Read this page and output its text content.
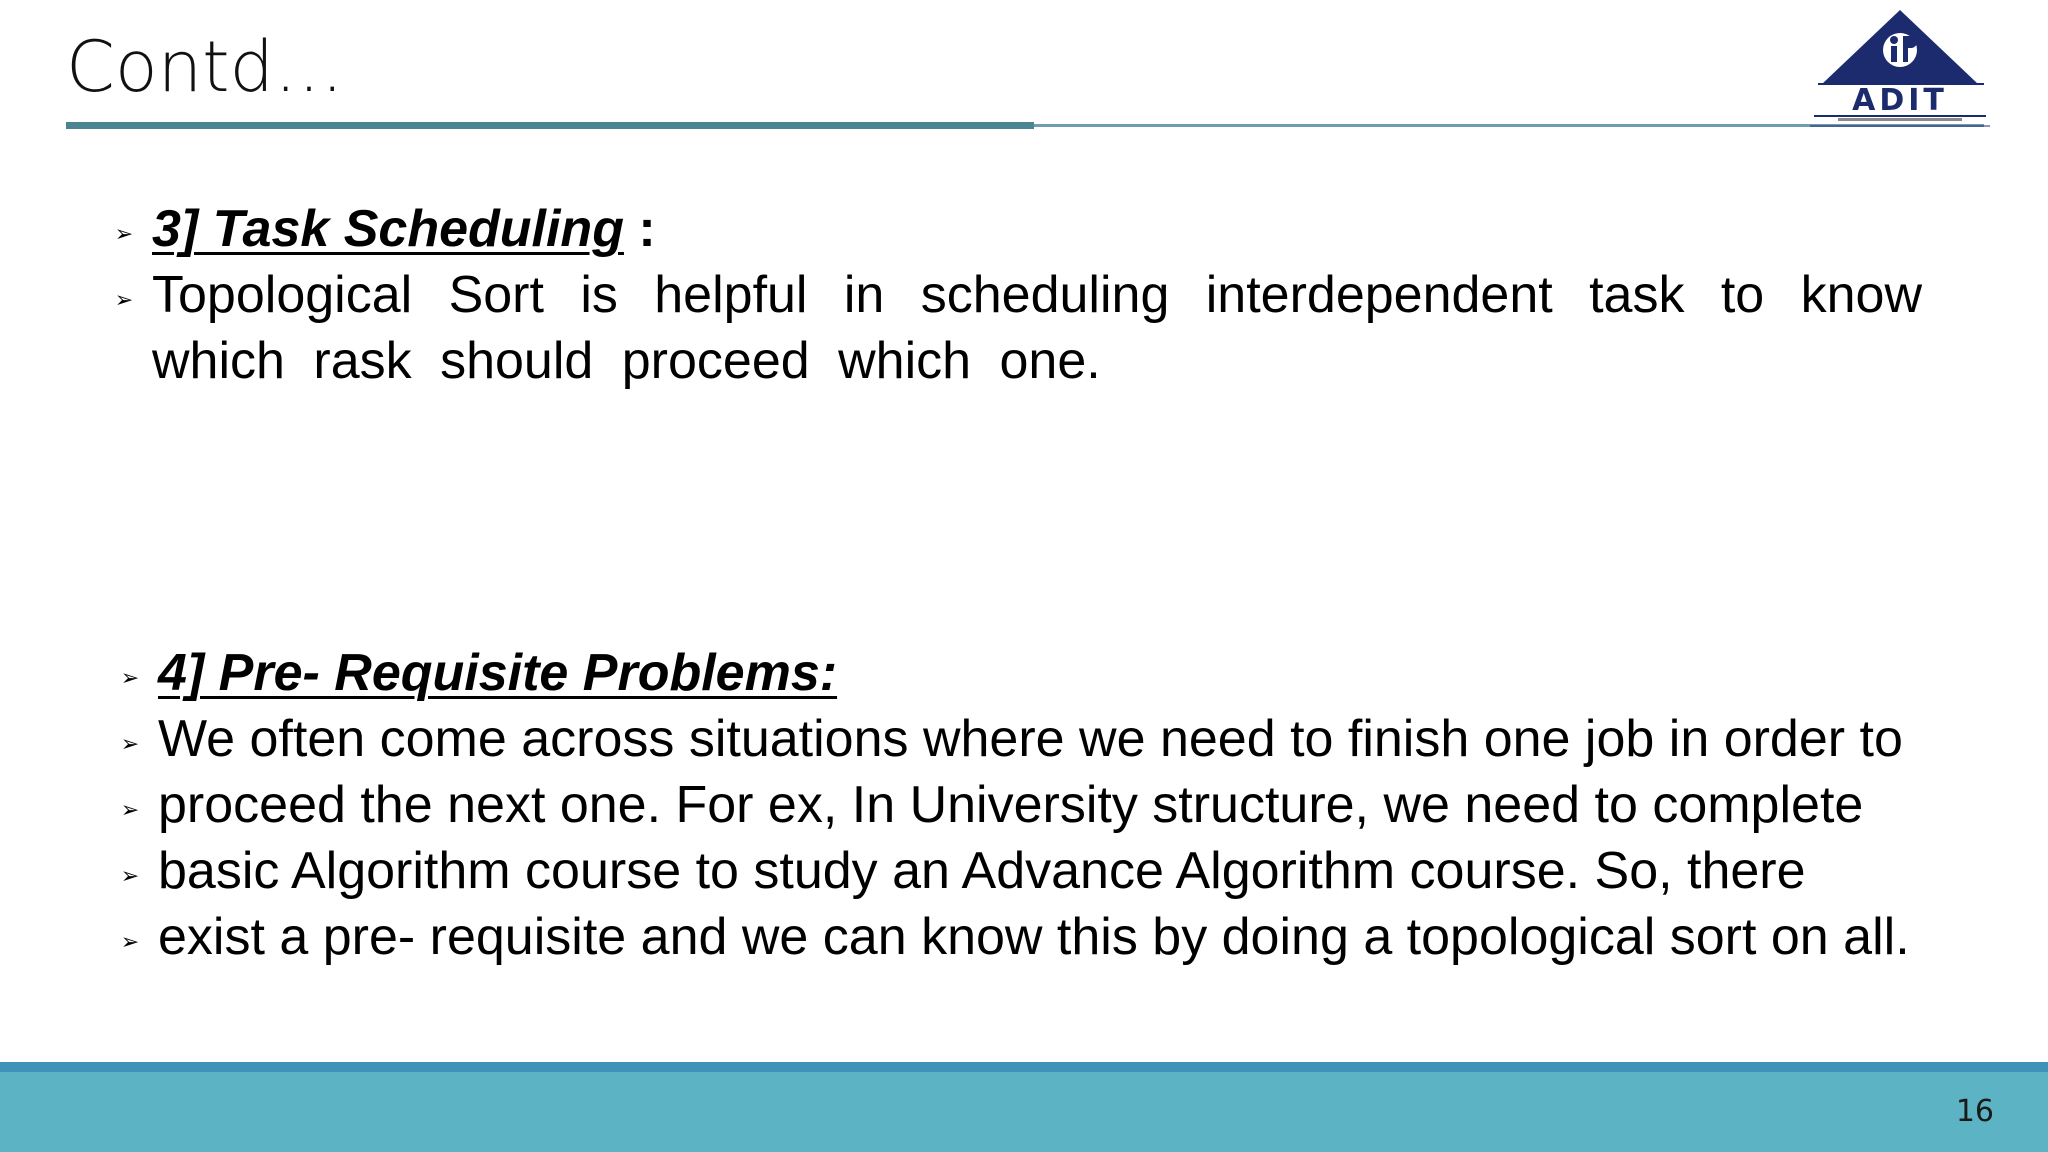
Contd…	ADIT
➢ 3] Task Scheduling :
➢ Topological Sort is helpful in scheduling interdependent task to know which rask should proceed which one.
➢ 4] Pre- Requisite Problems:
➢ We often come across situations where we need to finish one job in order to
➢ proceed the next one. For ex, In University structure, we need to complete
➢ basic Algorithm course to study an Advance Algorithm course. So, there
➢ exist a pre- requisite and we can know this by doing a topological sort on all.
16
